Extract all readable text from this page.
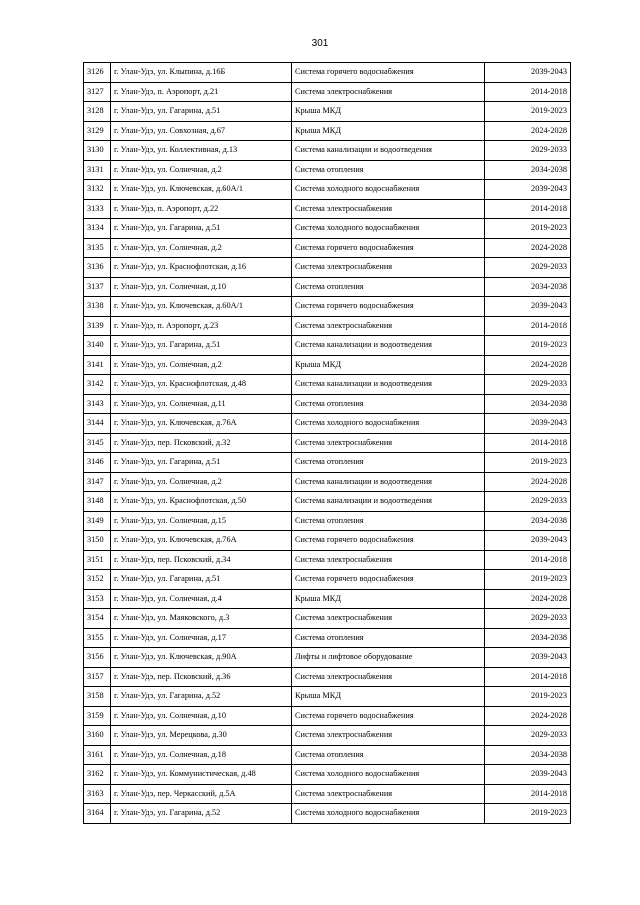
301
3126	г. Улан-Удэ, ул. Клыпина, д.16Б	Система горячего водоснабжения	2039-2043
3127	г. Улан-Удэ, п. Аэропорт, д.21	Система электроснабжения	2014-2018
3128	г. Улан-Удэ, ул. Гагарина, д.51	Крыша МКД	2019-2023
3129	г. Улан-Удэ, ул. Совхозная, д.67	Крыша МКД	2024-2028
3130	г. Улан-Удэ, ул. Коллективная, д.13	Система канализации и водоотведения	2029-2033
3131	г. Улан-Удэ, ул. Солнечная, д.2	Система отопления	2034-2038
3132	г. Улан-Удэ, ул. Ключевская, д.60А/1	Система холодного водоснабжения	2039-2043
3133	г. Улан-Удэ, п. Аэропорт, д.22	Система электроснабжения	2014-2018
3134	г. Улан-Удэ, ул. Гагарина, д.51	Система холодного водоснабжения	2019-2023
3135	г. Улан-Удэ, ул. Солнечная, д.2	Система горячего водоснабжения	2024-2028
3136	г. Улан-Удэ, ул. Краснофлотская, д.16	Система электроснабжения	2029-2033
3137	г. Улан-Удэ, ул. Солнечная, д.10	Система отопления	2034-2038
3138	г. Улан-Удэ, ул. Ключевская, д.60А/1	Система горячего водоснабжения	2039-2043
3139	г. Улан-Удэ, п. Аэропорт, д.23	Система электроснабжения	2014-2018
3140	г. Улан-Удэ, ул. Гагарина, д.51	Система канализации и водоотведения	2019-2023
3141	г. Улан-Удэ, ул. Солнечная, д.2	Крыша МКД	2024-2028
3142	г. Улан-Удэ, ул. Краснофлотская, д.48	Система канализации и водоотведения	2029-2033
3143	г. Улан-Удэ, ул. Солнечная, д.11	Система отопления	2034-2038
3144	г. Улан-Удэ, ул. Ключевская, д.76А	Система холодного водоснабжения	2039-2043
3145	г. Улан-Удэ, пер. Псковский, д.32	Система электроснабжения	2014-2018
3146	г. Улан-Удэ, ул. Гагарина, д.51	Система отопления	2019-2023
3147	г. Улан-Удэ, ул. Солнечная, д.2	Система канализации и водоотведения	2024-2028
3148	г. Улан-Удэ, ул. Краснофлотская, д.50	Система канализации и водоотведения	2029-2033
3149	г. Улан-Удэ, ул. Солнечная, д.15	Система отопления	2034-2038
3150	г. Улан-Удэ, ул. Ключевская, д.76А	Система горячего водоснабжения	2039-2043
3151	г. Улан-Удэ, пер. Псковский, д.34	Система электроснабжения	2014-2018
3152	г. Улан-Удэ, ул. Гагарина, д.51	Система горячего водоснабжения	2019-2023
3153	г. Улан-Удэ, ул. Солнечная, д.4	Крыша МКД	2024-2028
3154	г. Улан-Удэ, ул. Маяковского, д.3	Система электроснабжения	2029-2033
3155	г. Улан-Удэ, ул. Солнечная, д.17	Система отопления	2034-2038
3156	г. Улан-Удэ, ул. Ключевская, д.90А	Лифты и лифтовое оборудование	2039-2043
3157	г. Улан-Удэ, пер. Псковский, д.36	Система электроснабжения	2014-2018
3158	г. Улан-Удэ, ул. Гагарина, д.52	Крыша МКД	2019-2023
3159	г. Улан-Удэ, ул. Солнечная, д.10	Система горячего водоснабжения	2024-2028
3160	г. Улан-Удэ, ул. Мерецкова, д.30	Система электроснабжения	2029-2033
3161	г. Улан-Удэ, ул. Солнечная, д.18	Система отопления	2034-2038
3162	г. Улан-Удэ, ул. Коммунистическая, д.48	Система холодного водоснабжения	2039-2043
3163	г. Улан-Удэ, пер. Черкасский, д.5А	Система электроснабжения	2014-2018
3164	г. Улан-Удэ, ул. Гагарина, д.52	Система холодного водоснабжения	2019-2023
